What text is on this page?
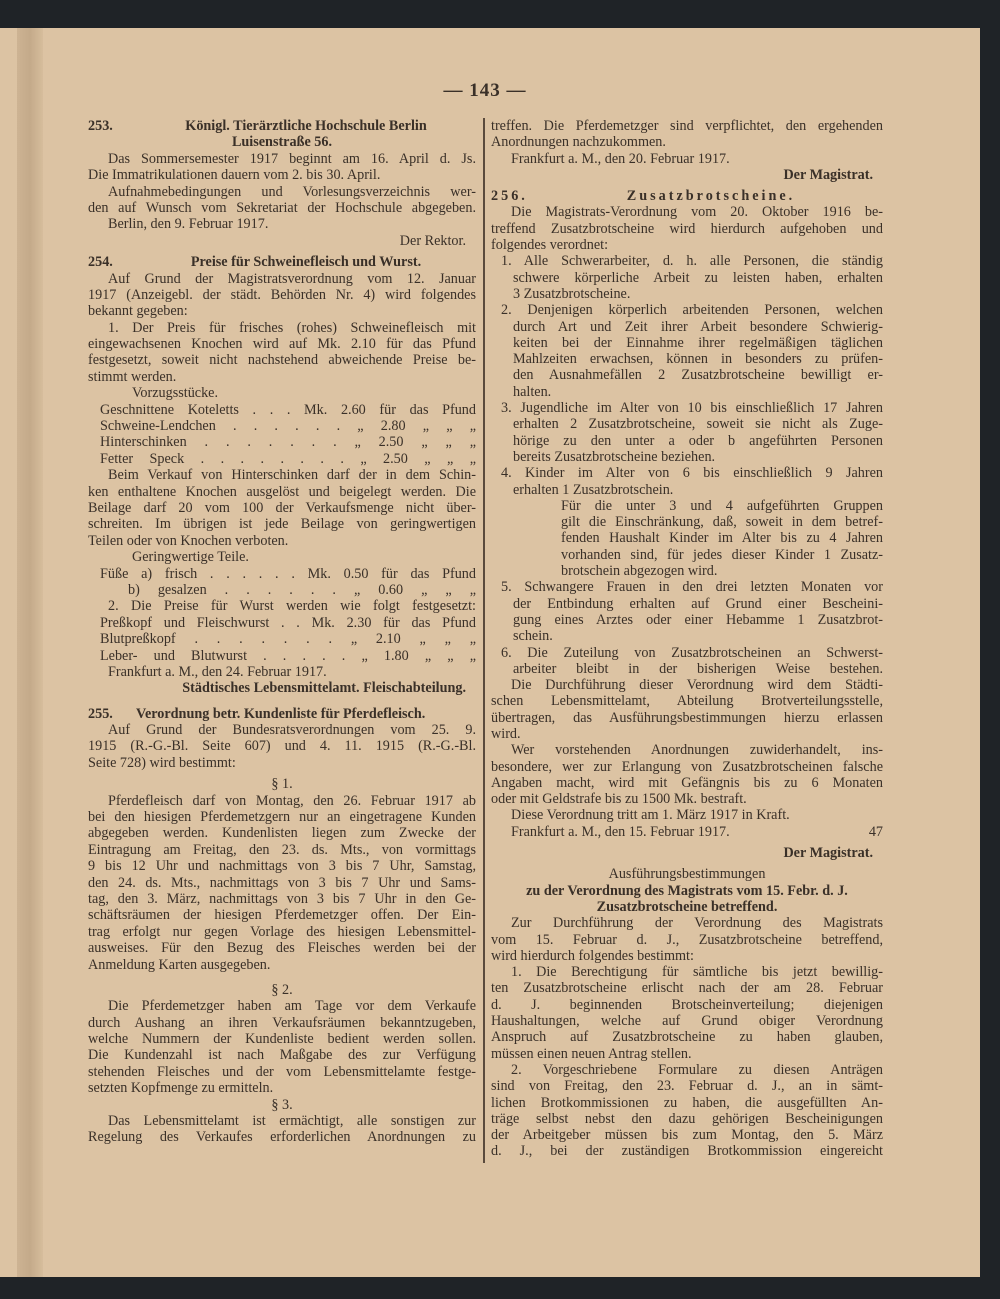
— 143 —
253.	Königl. Tierärztliche Hochschule Berlin
Luisenstraße 56.
Das Sommersemester 1917 beginnt am 16. April d. Js.
Die Immatrikulationen dauern vom 2. bis 30. April.
Aufnahmebedingungen und Vorlesungsverzeichnis wer-
den auf Wunsch vom Sekretariat der Hochschule abgegeben.
Berlin, den 9. Februar 1917.
Der Rektor.
254.	Preise für Schweinefleisch und Wurst.
Auf Grund der Magistratsverordnung vom 12. Januar
1917 (Anzeigebl. der städt. Behörden Nr. 4) wird folgendes
bekannt gegeben:
1. Der Preis für frisches (rohes) Schweinefleisch mit
eingewachsenen Knochen wird auf Mk. 2.10 für das Pfund
festgesetzt, soweit nicht nachstehend abweichende Preise be-
stimmt werden.
Vorzugsstücke.
Geschnittene Koteletts . . . Mk. 2.60 für das Pfund
Schweine-Lendchen . . . . . . „ 2.80 „ „ „
Hinterschinken . . . . . . . „ 2.50 „ „ „
Fetter Speck . . . . . . . . „ 2.50 „ „ „
Beim Verkauf von Hinterschinken darf der in dem Schin-
ken enthaltene Knochen ausgelöst und beigelegt werden. Die
Beilage darf 20 vom 100 der Verkaufsmenge nicht über-
schreiten. Im übrigen ist jede Beilage von geringwertigen
Teilen oder von Knochen verboten.
Geringwertige Teile.
Füße a) frisch . . . . . . Mk. 0.50 für das Pfund
b) gesalzen . . . . . . „ 0.60 „ „ „
2. Die Preise für Wurst werden wie folgt festgesetzt:
Preßkopf und Fleischwurst . . Mk. 2.30 für das Pfund
Blutpreßkopf . . . . . . . „ 2.10 „ „ „
Leber- und Blutwurst . . . . . „ 1.80 „ „ „
Frankfurt a. M., den 24. Februar 1917.
Städtisches Lebensmittelamt. Fleischabteilung.
255.	Verordnung betr. Kundenliste für Pferdefleisch.
Auf Grund der Bundesratsverordnungen vom 25. 9.
1915 (R.-G.-Bl. Seite 607) und 4. 11. 1915 (R.-G.-Bl.
Seite 728) wird bestimmt:
§ 1.
Pferdefleisch darf von Montag, den 26. Februar 1917 ab
bei den hiesigen Pferdemetzgern nur an eingetragene Kunden
abgegeben werden. Kundenlisten liegen zum Zwecke der
Eintragung am Freitag, den 23. ds. Mts., von vormittags
9 bis 12 Uhr und nachmittags von 3 bis 7 Uhr, Samstag,
den 24. ds. Mts., nachmittags von 3 bis 7 Uhr und Sams-
tag, den 3. März, nachmittags von 3 bis 7 Uhr in den Ge-
schäftsräumen der hiesigen Pferdemetzger offen. Der Ein-
trag erfolgt nur gegen Vorlage des hiesigen Lebensmittel-
ausweises. Für den Bezug des Fleisches werden bei der
Anmeldung Karten ausgegeben.
§ 2.
Die Pferdemetzger haben am Tage vor dem Verkaufe
durch Aushang an ihren Verkaufsräumen bekanntzugeben,
welche Nummern der Kundenliste bedient werden sollen.
Die Kundenzahl ist nach Maßgabe des zur Verfügung
stehenden Fleisches und der vom Lebensmittelamte festge-
setzten Kopfmenge zu ermitteln.
§ 3.
Das Lebensmittelamt ist ermächtigt, alle sonstigen zur
Regelung des Verkaufes erforderlichen Anordnungen zu
treffen. Die Pferdemetzger sind verpflichtet, den ergehenden
Anordnungen nachzukommen.
Frankfurt a. M., den 20. Februar 1917.
Der Magistrat.
256.	Zusatzbrotscheine.
Die Magistrats-Verordnung vom 20. Oktober 1916 be-
treffend Zusatzbrotscheine wird hierdurch aufgehoben und
folgendes verordnet:
1. Alle Schwerarbeiter, d. h. alle Personen, die ständig
schwere körperliche Arbeit zu leisten haben, erhalten
3 Zusatzbrotscheine.
2. Denjenigen körperlich arbeitenden Personen, welchen
durch Art und Zeit ihrer Arbeit besondere Schwierig-
keiten bei der Einnahme ihrer regelmäßigen täglichen
Mahlzeiten erwachsen, können in besonders zu prüfen-
den Ausnahmefällen 2 Zusatzbrotscheine bewilligt er-
halten.
3. Jugendliche im Alter von 10 bis einschließlich 17 Jahren
erhalten 2 Zusatzbrotscheine, soweit sie nicht als Zuge-
hörige zu den unter a oder b angeführten Personen
bereits Zusatzbrotscheine beziehen.
4. Kinder im Alter von 6 bis einschließlich 9 Jahren
erhalten 1 Zusatzbrotschein.
Für die unter 3 und 4 aufgeführten Gruppen
gilt die Einschränkung, daß, soweit in dem betref-
fenden Haushalt Kinder im Alter bis zu 4 Jahren
vorhanden sind, für jedes dieser Kinder 1 Zusatz-
brotschein abgezogen wird.
5. Schwangere Frauen in den drei letzten Monaten vor
der Entbindung erhalten auf Grund einer Bescheini-
gung eines Arztes oder einer Hebamme 1 Zusatzbrot-
schein.
6. Die Zuteilung von Zusatzbrotscheinen an Schwerst-
arbeiter bleibt in der bisherigen Weise bestehen.
Die Durchführung dieser Verordnung wird dem Städti-
schen Lebensmittelamt, Abteilung Brotverteilungsstelle,
übertragen, das Ausführungsbestimmungen hierzu erlassen
wird.
Wer vorstehenden Anordnungen zuwiderhandelt, ins-
besondere, wer zur Erlangung von Zusatzbrotscheinen falsche
Angaben macht, wird mit Gefängnis bis zu 6 Monaten
oder mit Geldstrafe bis zu 1500 Mk. bestraft.
Diese Verordnung tritt am 1. März 1917 in Kraft.
Frankfurt a. M., den 15. Februar 1917.	47
Der Magistrat.
Ausführungsbestimmungen
zu der Verordnung des Magistrats vom 15. Febr. d. J.
Zusatzbrotscheine betreffend.
Zur Durchführung der Verordnung des Magistrats
vom 15. Februar d. J., Zusatzbrotscheine betreffend,
wird hierdurch folgendes bestimmt:
1. Die Berechtigung für sämtliche bis jetzt bewillig-
ten Zusatzbrotscheine erlischt nach der am 28. Februar
d. J. beginnenden Brotscheinverteilung; diejenigen
Haushaltungen, welche auf Grund obiger Verordnung
Anspruch auf Zusatzbrotscheine zu haben glauben,
müssen einen neuen Antrag stellen.
2. Vorgeschriebene Formulare zu diesen Anträgen
sind von Freitag, den 23. Februar d. J., an in sämt-
lichen Brotkommissionen zu haben, die ausgefüllten An-
träge selbst nebst den dazu gehörigen Bescheinigungen
der Arbeitgeber müssen bis zum Montag, den 5. März
d. J., bei der zuständigen Brotkommission eingereicht
